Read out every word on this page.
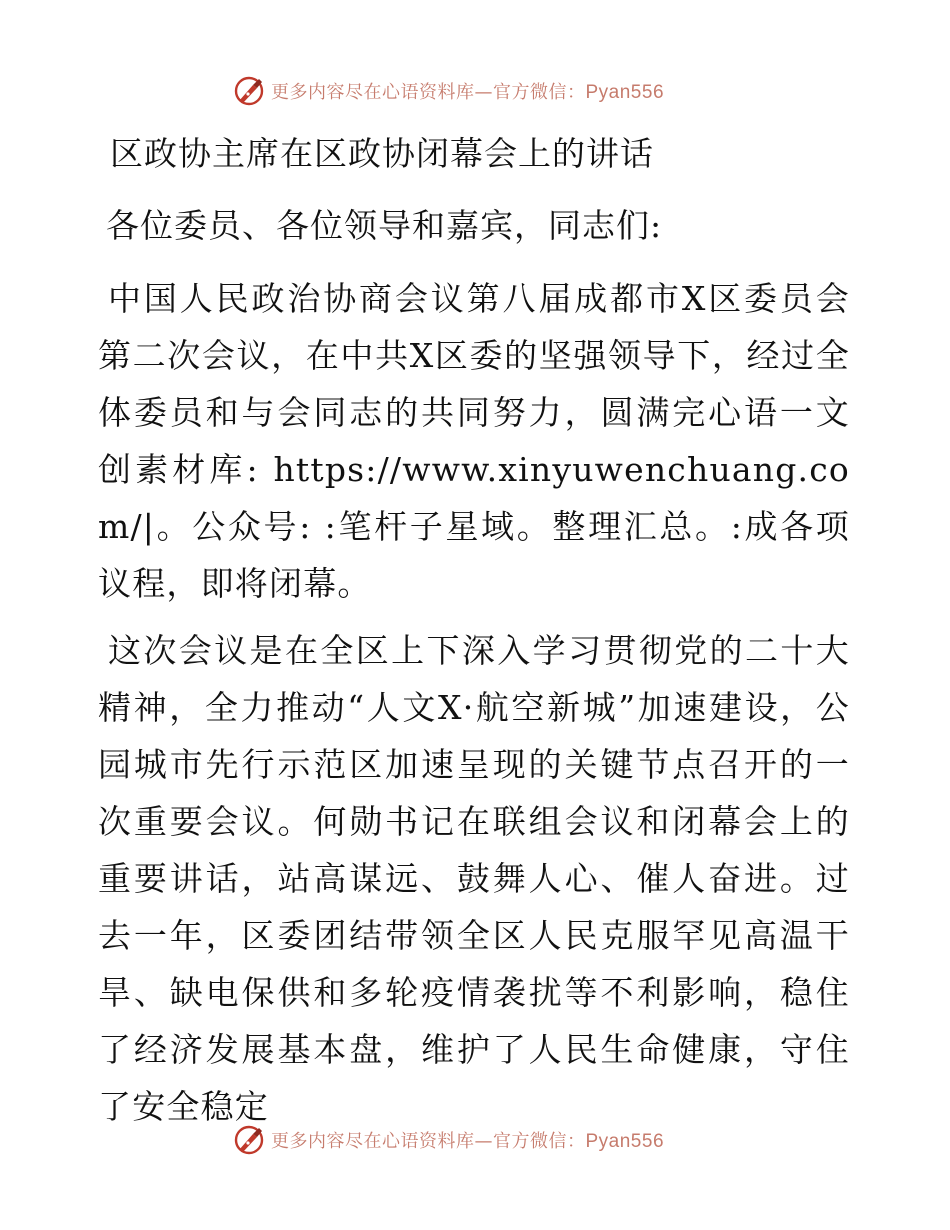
更多内容尽在心语资料库—官方微信：Pyan556
区政协主席在区政协闭幕会上的讲话
各位委员、各位领导和嘉宾，同志们:

中国人民政治协商会议第八届成都市X区委员会第二次会议，在中共X区委的坚强领导下，经过全体委员和与会同志的共同努力，圆满完心语一文创素材库: https://www.xinyuwenchuang.com/|。公众号: :笔杆子星域。整理汇总。:成各项议程，即将闭幕。

这次会议是在全区上下深入学习贯彻党的二十大精神，全力推动“人文X·航空新城”加速建设，公园城市先行示范区加速呈现的关键节点召开的一次重要会议。何勋书记在联组会议和闭幕会上的重要讲话，站高谋远、鼓舞人心、催人奋进。过去一年，区委团结带领全区人民克服罕见高温干旱、缺电保供和多轮疫情袭扰等不利影响，稳住了经济发展基本盘，维护了人民生命健康，守住了安全稳定

更多内容尽在心语资料库—官方微信：Pyan556
